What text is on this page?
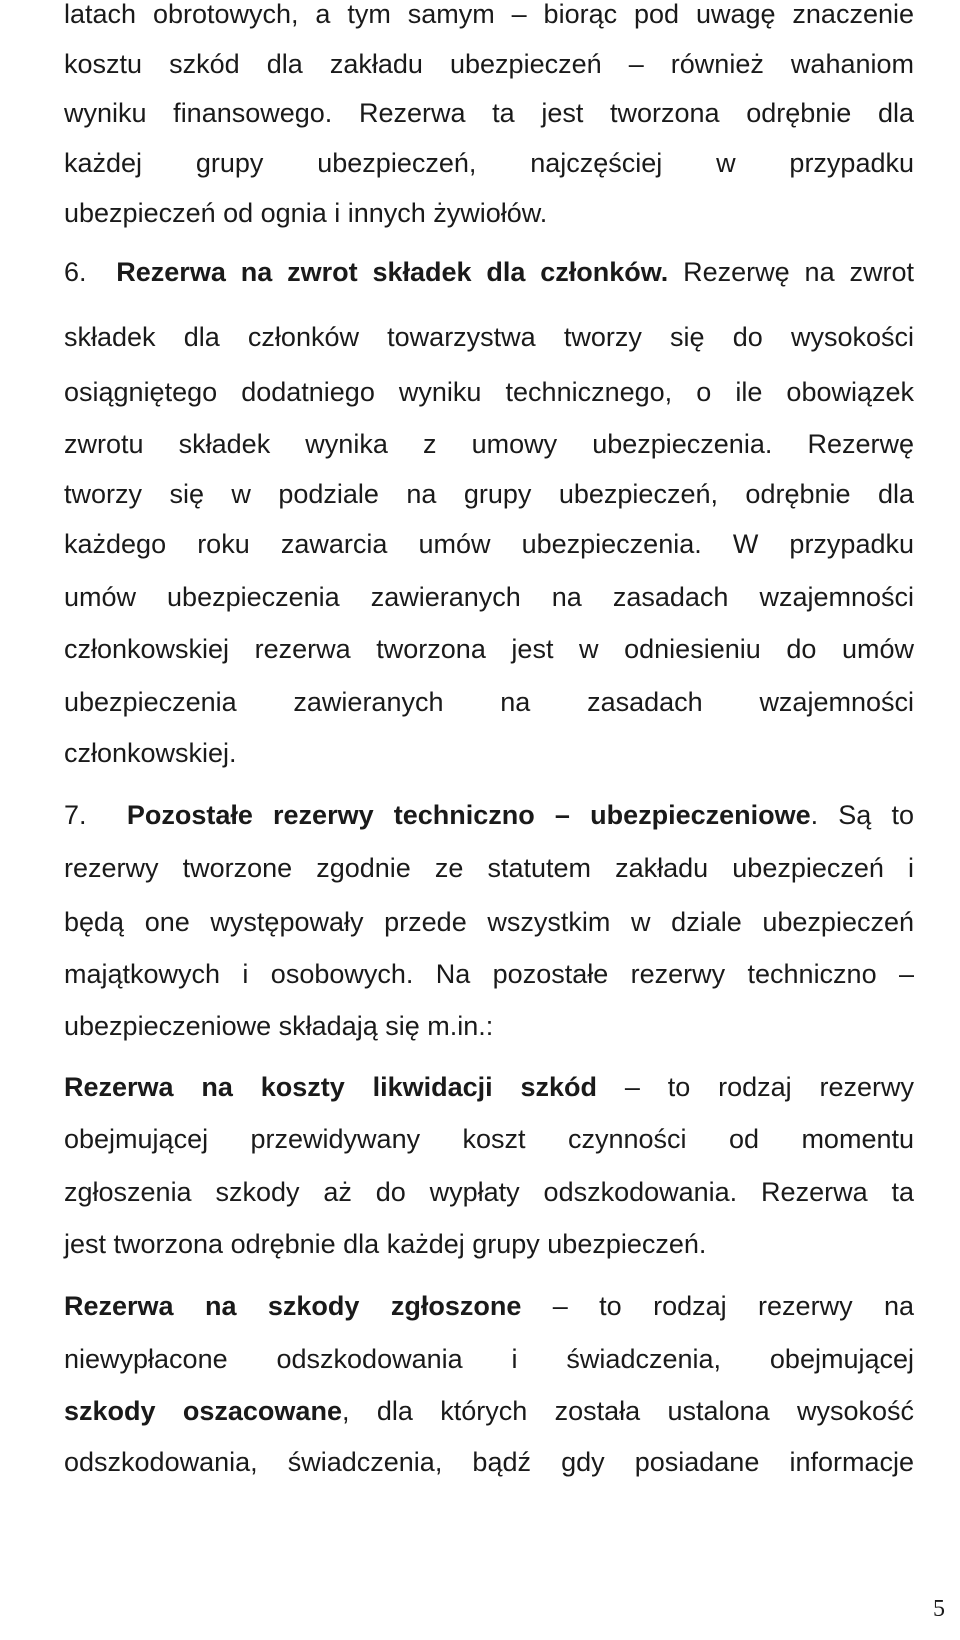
latach obrotowych, a tym samym – biorąc pod uwagę znaczenie
kosztu szkód dla zakładu ubezpieczeń – również wahaniom
wyniku finansowego. Rezerwa ta jest tworzona odrębnie dla
każdej grupy ubezpieczeń, najczęściej w przypadku
ubezpieczeń od ognia i innych żywiołów.
6. Rezerwa na zwrot składek dla członków. Rezerwę na zwrot
składek dla członków towarzystwa tworzy się do wysokości
osiągniętego dodatniego wyniku technicznego, o ile obowiązek
zwrotu składek wynika z umowy ubezpieczenia. Rezerwę
tworzy się w podziale na grupy ubezpieczeń, odrębnie dla
każdego roku zawarcia umów ubezpieczenia. W przypadku
umów ubezpieczenia zawieranych na zasadach wzajemności
członkowskiej rezerwa tworzona jest w odniesieniu do umów
ubezpieczenia zawieranych na zasadach wzajemności
członkowskiej.
7. Pozostałe rezerwy techniczno – ubezpieczeniowe. Są to
rezerwy tworzone zgodnie ze statutem zakładu ubezpieczeń i
będą one występowały przede wszystkim w dziale ubezpieczeń
majątkowych i osobowych. Na pozostałe rezerwy techniczno –
ubezpieczeniowe składają się m.in.:
Rezerwa na koszty likwidacji szkód – to rodzaj rezerwy
obejmującej przewidywany koszt czynności od momentu
zgłoszenia szkody aż do wypłaty odszkodowania. Rezerwa ta
jest tworzona odrębnie dla każdej grupy ubezpieczeń.
Rezerwa na szkody zgłoszone – to rodzaj rezerwy na
niewypłacone odszkodowania i świadczenia, obejmującej
szkody oszacowane, dla których została ustalona wysokość
odszkodowania, świadczenia, bądź gdy posiadane informacje
5
